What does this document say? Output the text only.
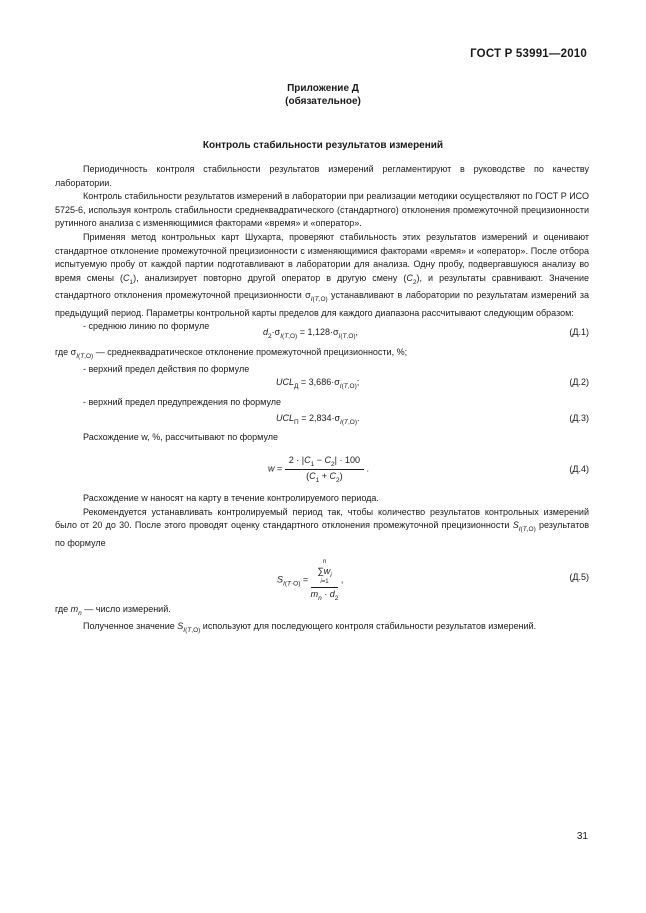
ГОСТ Р 53991—2010
Приложение Д
(обязательное)
Контроль стабильности результатов измерений

Периодичность контроля стабильности результатов измерений регламентируют в руководстве по качеству лаборатории.

Контроль стабильности результатов измерений в лаборатории при реализации методики осуществляют по ГОСТ Р ИСО 5725-6, используя контроль стабильности среднеквадратического (стандартного) отклонения промежуточной прецизионности рутинного анализа с изменяющимися факторами «время» и «оператор».

Применяя метод контрольных карт Шухарта, проверяют стабильность этих результатов измерений и оценивают стандартное отклонение промежуточной прецизионности с изменяющимися факторами «время» и «оператор». После отбора испытуемую пробу от каждой партии подготавливают в лаборатории для анализа. Одну пробу, подвергавшуюся анализу во время смены $(C_1)$, анализирует повторно другой оператор в другую смену $(C_2)$, и результаты сравнивают. Значение стандартного отклонения промежуточной прецизионности $\sigma_{I(T,O)}$ устанавливают в лаборатории по результатам измерений за предыдущий период. Параметры контрольной карты пределов для каждого диапазона рассчитывают следующим образом:

- среднюю линию по формуле

$d_2\cdot\sigma_{I(T,O)} = 1,128\cdot\sigma_{I(T,O)}$,	(Д.1)

где $\sigma_{I(T,O)}$ — среднеквадратическое отклонение промежуточной прецизионности, %;

- верхний предел действия по формуле

$UCL_Д = 3,686\cdot\sigma_{I(T,O)}$;	(Д.2)

- верхний предел предупреждения по формуле

$UCL_П = 2,834\cdot\sigma_{I(T,O)}$.	(Д.3)

Расхождение w, %, рассчитывают по формуле

$w = \frac{2 \cdot |C_1 - C_2| \cdot 100}{(C_1 + C_2)}$ .	(Д.4)

Расхождение w наносят на карту в течение контролируемого периода.

Рекомендуется устанавливать контролируемый период так, чтобы количество результатов контрольных измерений было от 20 до 30. После этого проводят оценку стандартного отклонения промежуточной прецизионности $S_{I(T,O)}$ результатов по формуле

$S_{I(T\cdot O)} = n$
$\sum w_i$
i=1
$m_n \cdot d_2$ ,	(Д.5)

где $m_n$ — число измерений.

Полученное значение $S_{I(T,O)}$ используют для последующего контроля стабильности результатов измерений.

31
